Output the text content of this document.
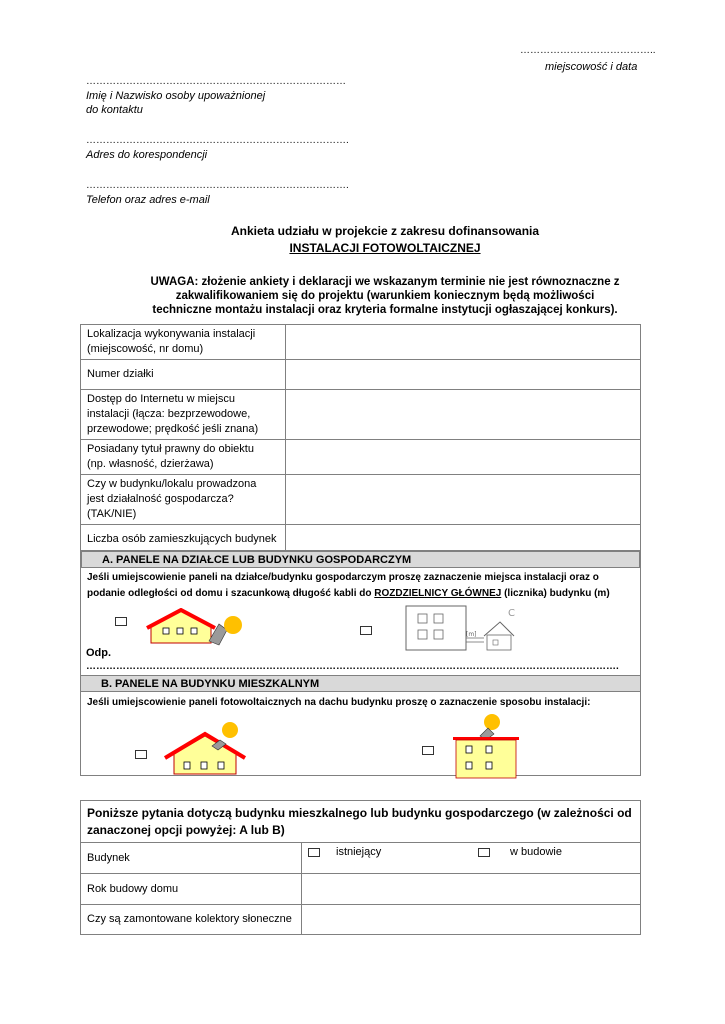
…………………………………..
miejscowość i data
……………………………………………………………………
Imię i Nazwisko osoby upoważnionej
do kontaktu
…………………………………………………………………….
Adres do korespondencji
…………………………………………………………………….
Telefon oraz adres e-mail
Ankieta udziału w projekcie z zakresu dofinansowania
INSTALACJI FOTOWOLTAICZNEJ
UWAGA: złożenie ankiety i deklaracji we wskazanym terminie nie jest równoznaczne z
zakwalifikowaniem się do projektu (warunkiem koniecznym będą możliwości
techniczne montażu instalacji oraz kryteria formalne instytucji ogłaszającej konkurs).
Lokalizacja wykonywania instalacji
(miejscowość, nr domu)	

Numer działki	

Dostęp do Internetu w miejscu
instalacji (łącza: bezprzewodowe,
przewodowe; prędkość jeśli znana)	

Posiadany tytuł prawny do obiektu
(np. własność, dzierżawa)	

Czy w budynku/lokalu prowadzona
jest działalność gospodarcza?
(TAK/NIE)	

Liczba osób zamieszkujących budynek	

A. PANELE NA DZIAŁCE LUB BUDYNKU GOSPODARCZYM
Jeśli umiejscowienie paneli na działce/budynku gospodarczym proszę zaznaczenie miejsca instalacji oraz o
podanie odległości od domu i szacunkową długość kabli do ROZDZIELNICY GŁÓWNEJ (licznika) budynku (m)
[m]
C
Odp.
…………………………………………………………………………………………………………………………………………….
B. PANELE NA BUDYNKU MIESZKALNYM
Jeśli umiejscowienie paneli fotowoltaicznych na dachu budynku proszę o zaznaczenie sposobu instalacji:
Poniższe pytania dotyczą budynku mieszkalnego lub budynku gospodarczego (w zależności od
zanaczonej opcji powyżej: A lub B)	

Budynek	istniejący w budowie

Rok budowy domu	
Czy są zamontowane kolektory słoneczne	
